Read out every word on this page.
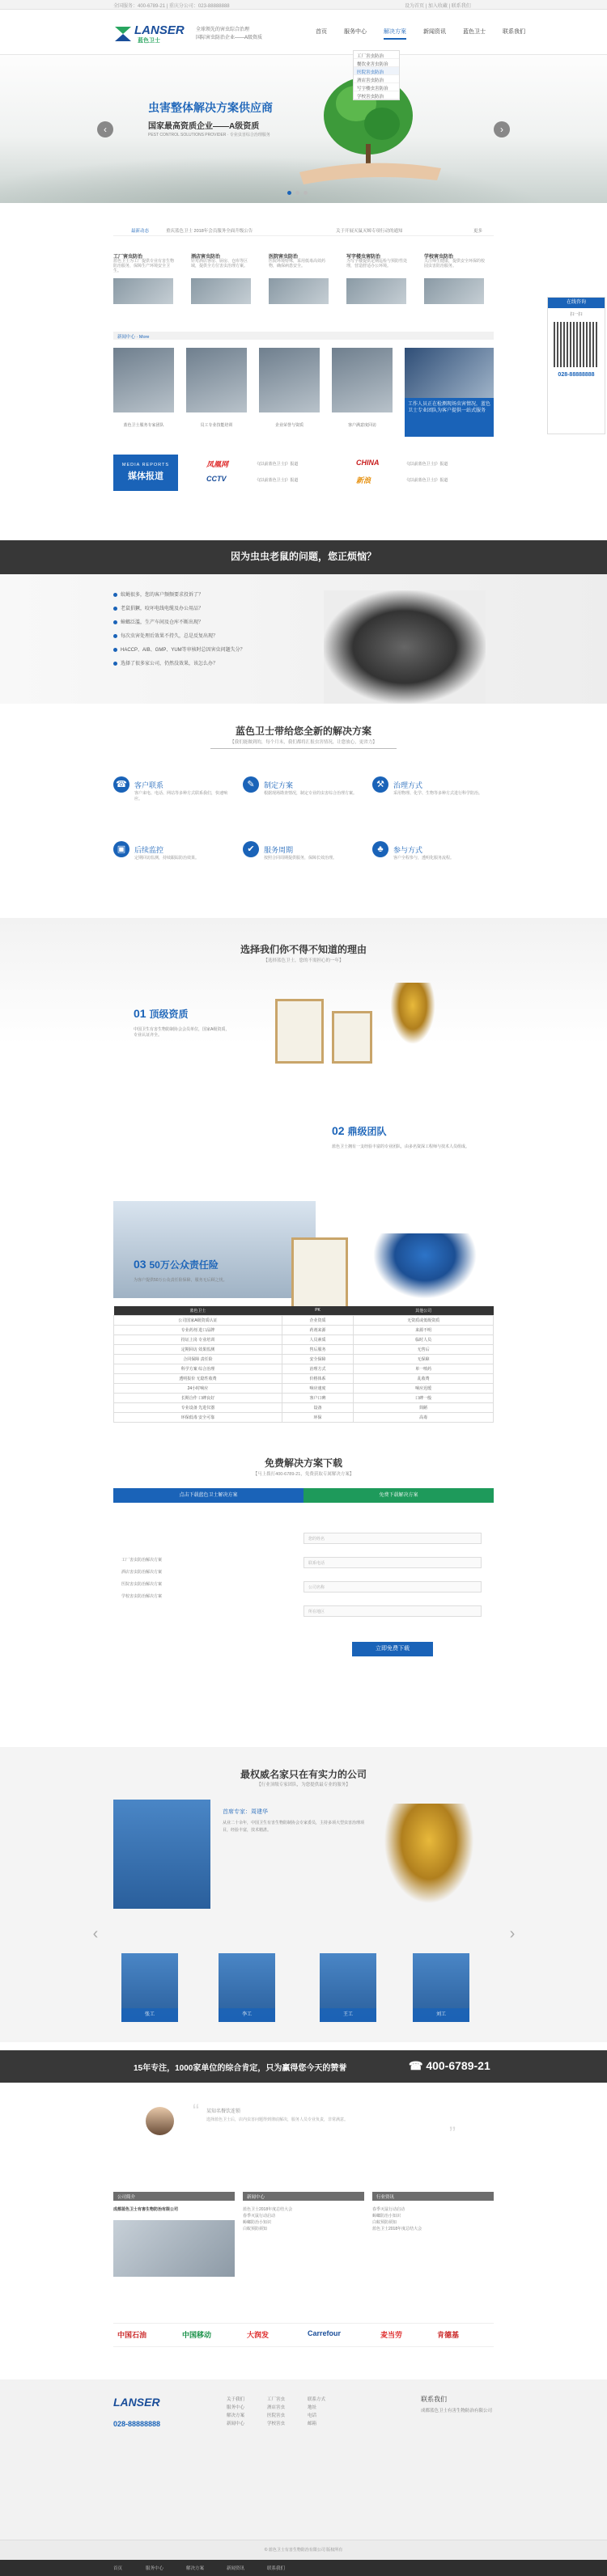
全国服务：400-6789-21 | 重庆分公司：023-88888888	设为首页 | 加入收藏 | 联系我们
LANSER
蓝色卫士
全球领先的害虫综合治理
国际害虫防治企业——A级资质
首页	服务中心	解决方案	新闻资讯	蓝色卫士	联系我们
工厂害虫防治
餐饮业害虫防治
医院害虫防治
酒店害虫防治
写字楼虫害防治
学校害虫防治
虫害整体解决方案供应商
国家最高资质企业——A级资质
PEST CONTROL SOLUTIONS PROVIDER · 专业虫害综合治理服务
‹	›
最新动态	重庆蓝色卫士 2018年会员服务全面升级公告	关于开展灭鼠灭蟑专项行动的通知	更多
工厂害虫防治
蓝色卫士为工厂提供专业有害生物防治服务，保障生产环境安全卫生。
酒店害虫防治
针对酒店客房、厨房、仓库等区域，提供全方位害虫治理方案。
医院害虫防治
医院环境特殊，采用低毒高效药物，确保病患安全。
写字楼虫害防治
为写字楼提供定期巡检与预防性处理，营造舒适办公环境。
学校害虫防治
关注师生健康，提供安全环保的校园虫害防治服务。
新闻中心 · More
蓝色卫士服务专家团队	员工专业技能培训	企业荣誉与资质	客户满意度回访
工作人员正在检测现场虫害情况，蓝色卫士专业团队为客户提供一站式服务
MEDIA REPORTS
媒体报道
凤凰网
CCTV
《(以前蓝色卫士)》报道
《(以前蓝色卫士)》报道
CHINA
新浪
《(以前蓝色卫士)》报道
《(以前蓝色卫士)》报道
因为虫虫老鼠的问题，您正烦恼？
蚊蝇很多，您的客户频频要求投诉了？
老鼠猖獗，咬坏电线电缆及办公用品？
蟑螂泛滥，生产车间及仓库不断出现？
每次虫害处理后效果不持久，总是反复出现？
HACCP、AIB、GMP、YUM等审核时总因害虫问题失分？
选择了很多家公司，仍然没效果，该怎么办？
蓝色卫士带给您全新的解决方案
【我们能做到的，每个月末，我们都将汇报虫害情况，让您放心，更省力】
☎	客户联系
客户来电、电话、网站等多种方式联系我们，快速响应。
✎	制定方案
根据现场勘查情况，制定专业的虫害综合治理方案。
⚒	治理方式
采用物理、化学、生物等多种方式进行科学防治。
▣	后续监控
定期回访监测，持续跟踪防治效果。
✔	服务周期
按照合同周期提供服务，保障长效治理。
♣	参与方式
客户全程参与，透明化服务流程。
选择我们你不得不知道的理由
【选择蓝色卫士，您的不需担心的一年】
01 顶级资质
中国卫生有害生物防制协会会员单位，国家A级资质，专业认证齐全。
02 鼎级团队
蓝色卫士拥有一支经验丰富的专业团队，由多名资深工程师与技术人员组成。
03 50万公众责任险
为客户提供50万公众责任险保障，服务无后顾之忧。
蓝色卫士	PK	其他公司
公司国家A级资质认证	企业资质	无资质或低级资质
专业药剂 进口品牌	药剂来源	来源不明
持证上岗 专业培训	人员素质	临时人员
定期回访 效果监测	售后服务	无售后
合同保障 责任险	安全保障	无保障
科学方案 综合治理	治理方式	单一喷药
透明报价 无隐性收费	价格体系	乱收费
24小时响应	响应速度	响应迟缓
长期合作 口碑良好	客户口碑	口碑一般
专业设备 先进仪器	设备	简陋
环保低毒 安全可靠	环保	高毒
免费解决方案下载
【马上拨打400-6789-21，免费获取专属解决方案】
点击下载蓝色卫士解决方案	免费下载解决方案
工厂害虫防治解决方案
酒店害虫防治解决方案
医院害虫防治解决方案
学校害虫防治解决方案
您的姓名
联系电话
公司名称
所在地区
立即免费下载
最权威名家只在有实力的公司
【行业顶级专家团队，为您提供最专业的服务】
首席专家：周建华
从业二十余年，中国卫生有害生物防制协会专家委员，主持多项大型虫害治理项目，经验丰富，技术精湛。
张工	李工	王工	刘工
‹	›
15年专注，1000家单位的综合肯定，只为赢得您今天的赞誉	☎ 400-6789-21
“ 某知名餐饮连锁
选择蓝色卫士后，店内虫害问题得到彻底解决，服务人员专业负责，非常满意。
”
公司简介	新闻中心	行业资讯
成都蓝色卫士有害生物防治有限公司	蓝色卫士2018年度总结大会
春季灭鼠行动启动
蟑螂防治小知识
白蚁预防须知
春季灭鼠行动启动
蟑螂防治小知识
白蚁预防须知
蓝色卫士2018年度总结大会
中国石油	中国移动	大润发	Carrefour	麦当劳	肯德基
LANSER
028-88888888
关于我们
服务中心
解决方案
新闻中心
工厂害虫
酒店害虫
医院害虫
学校害虫
联系方式
地址
电话
邮箱
联系我们
成都蓝色卫士有害生物防治有限公司
© 蓝色卫士有害生物防治有限公司 版权所有
首页	服务中心	解决方案	新闻资讯	联系我们
在线咨询
扫一扫
028-88888888
